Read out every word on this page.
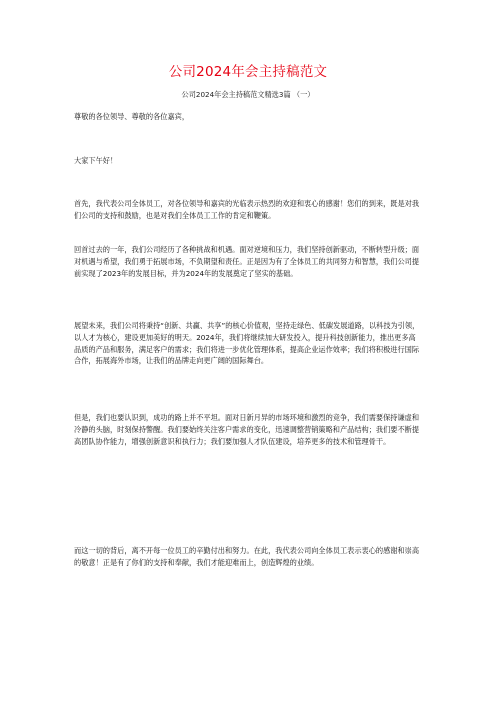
公司2024年会主持稿范文
公司2024年会主持稿范文精选3篇 （一）

尊敬的各位领导、尊敬的各位嘉宾，

大家下午好！

首先，我代表公司全体员工，对各位领导和嘉宾的光临表示热烈的欢迎和衷心的感谢！您们的到来，既是对我们公司的支持和鼓励，也是对我们全体员工工作的肯定和鞭策。

回首过去的一年，我们公司经历了各种挑战和机遇。面对逆境和压力，我们坚持创新驱动，不断转型升级；面对机遇与希望，我们勇于拓展市场，不负期望和责任。正是因为有了全体员工的共同努力和智慧，我们公司提前实现了2023年的发展目标，并为2024年的发展奠定了坚实的基础。

展望未来，我们公司将秉持“创新、共赢、共享”的核心价值观，坚持走绿色、低碳发展道路，以科技为引领，以人才为核心，建设更加美好的明天。2024年，我们将继续加大研发投入，提升科技创新能力，推出更多高品质的产品和服务，满足客户的需求；我们将进一步优化管理体系，提高企业运作效率；我们将积极进行国际合作，拓展海外市场，让我们的品牌走向更广阔的国际舞台。

但是，我们也要认识到，成功的路上并不平坦。面对日新月异的市场环境和激烈的竞争，我们需要保持谦虚和冷静的头脑，时刻保持警醒。我们要始终关注客户需求的变化，迅速调整营销策略和产品结构；我们要不断提高团队协作能力，增强创新意识和执行力；我们要加强人才队伍建设，培养更多的技术和管理骨干。

而这一切的背后，离不开每一位员工的辛勤付出和努力。在此，我代表公司向全体员工表示衷心的感谢和崇高的敬意！正是有了你们的支持和奉献，我们才能迎难而上，创造辉煌的业绩。
